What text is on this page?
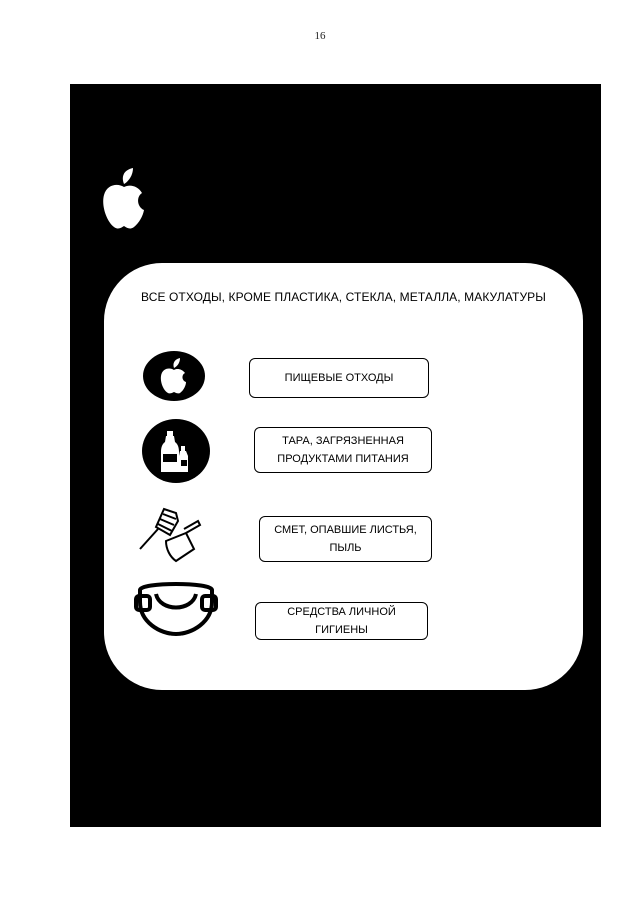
16
ВСЕ ОТХОДЫ, КРОМЕ ПЛАСТИКА, СТЕКЛА, МЕТАЛЛА, МАКУЛАТУРЫ
ПИЩЕВЫЕ ОТХОДЫ
ТАРА, ЗАГРЯЗНЕННАЯ
ПРОДУКТАМИ ПИТАНИЯ
СМЕТ, ОПАВШИЕ ЛИСТЬЯ,
ПЫЛЬ
СРЕДСТВА ЛИЧНОЙ ГИГИЕНЫ
